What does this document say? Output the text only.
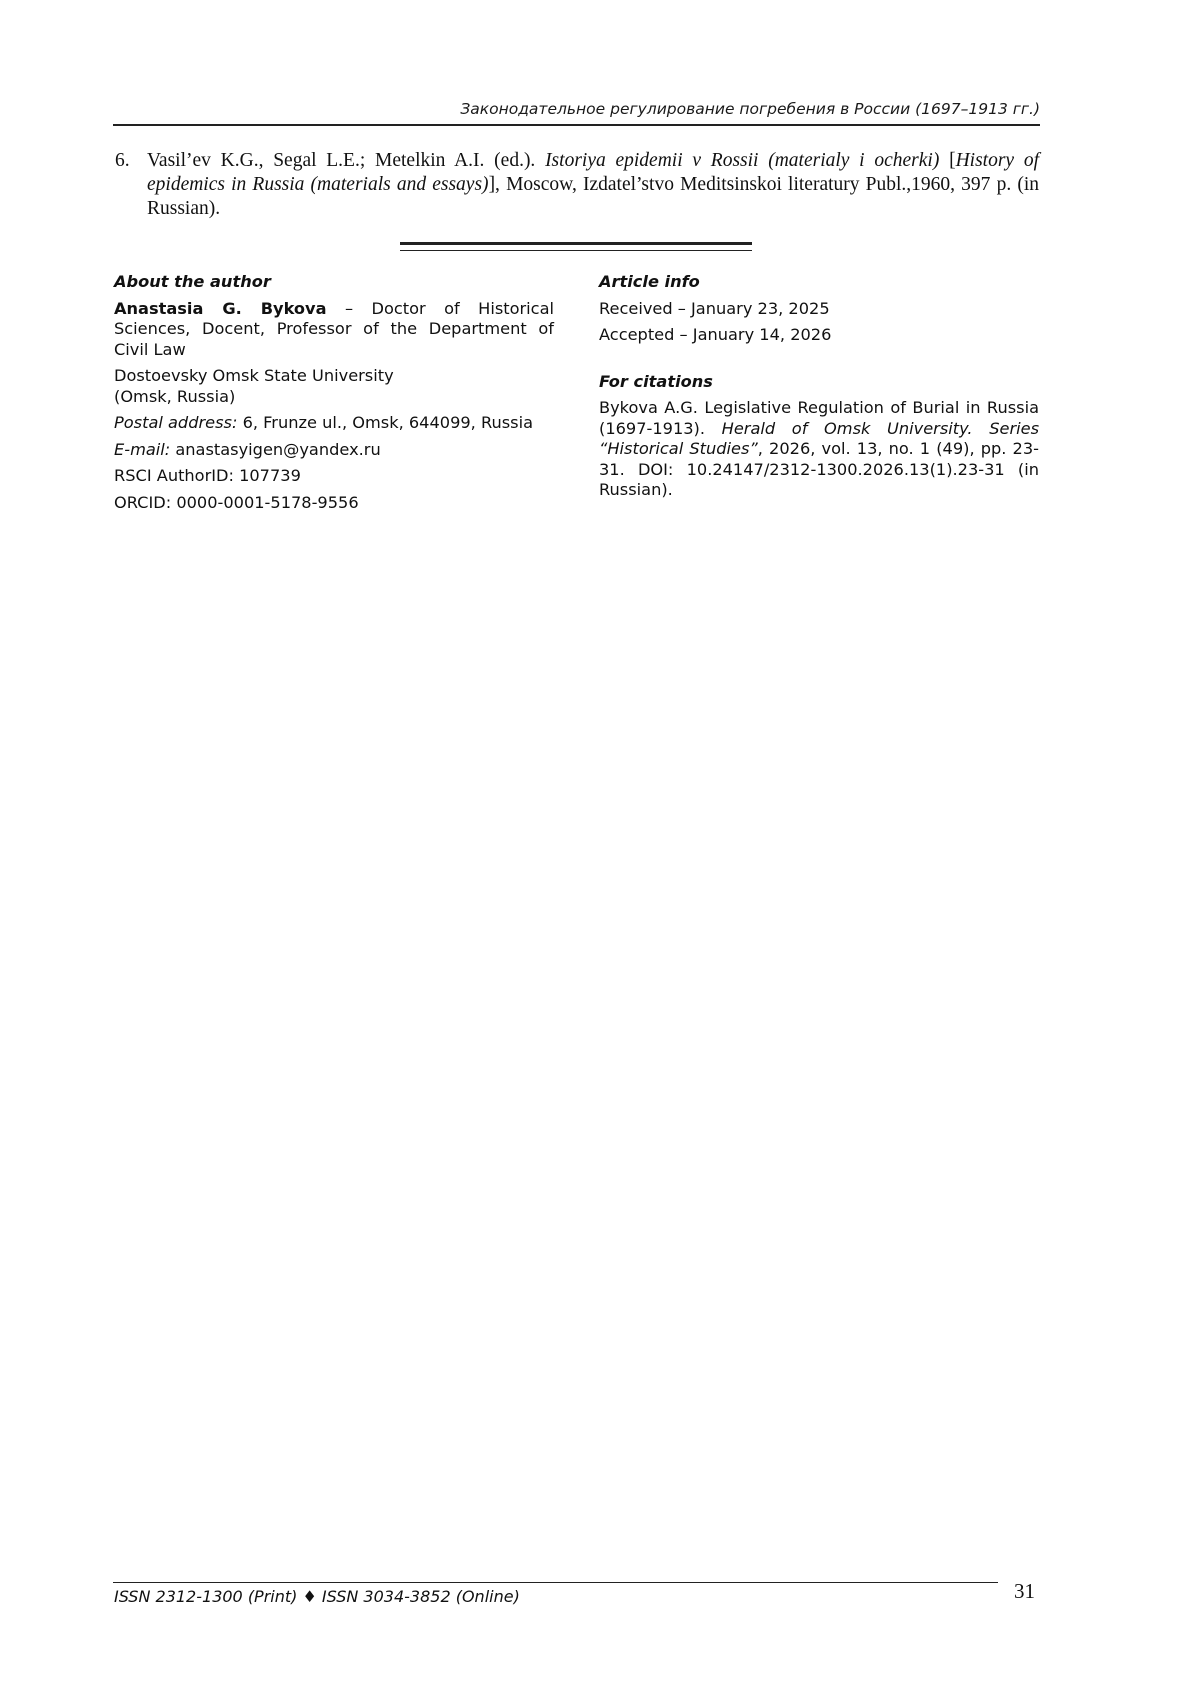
Законодательное регулирование погребения в России (1697–1913 гг.)
6. Vasil’ev K.G., Segal L.E.; Metelkin A.I. (ed.). Istoriya epidemii v Rossii (materialy i ocherki) [History of epidemics in Russia (materials and essays)], Moscow, Izdatel’stvo Meditsinskoi literatury Publ.,1960, 397 p. (in Russian).
About the author
Anastasia G. Bykova – Doctor of Historical Sciences, Docent, Professor of the Department of Civil Law
Dostoevsky Omsk State University
(Omsk, Russia)
Postal address: 6, Frunze ul., Omsk, 644099, Russia
E-mail: anastasyigen@yandex.ru
RSCI AuthorID: 107739
ORCID: 0000-0001-5178-9556
Article info
Received – January 23, 2025
Accepted – January 14, 2026
For citations
Bykova A.G. Legislative Regulation of Burial in Russia (1697-1913). Herald of Omsk University. Series “Historical Studies”, 2026, vol. 13, no. 1 (49), pp. 23-31. DOI: 10.24147/2312-1300.2026.13(1).23-31 (in Russian).
ISSN 2312-1300 (Print) ♦ ISSN 3034-3852 (Online)	31
